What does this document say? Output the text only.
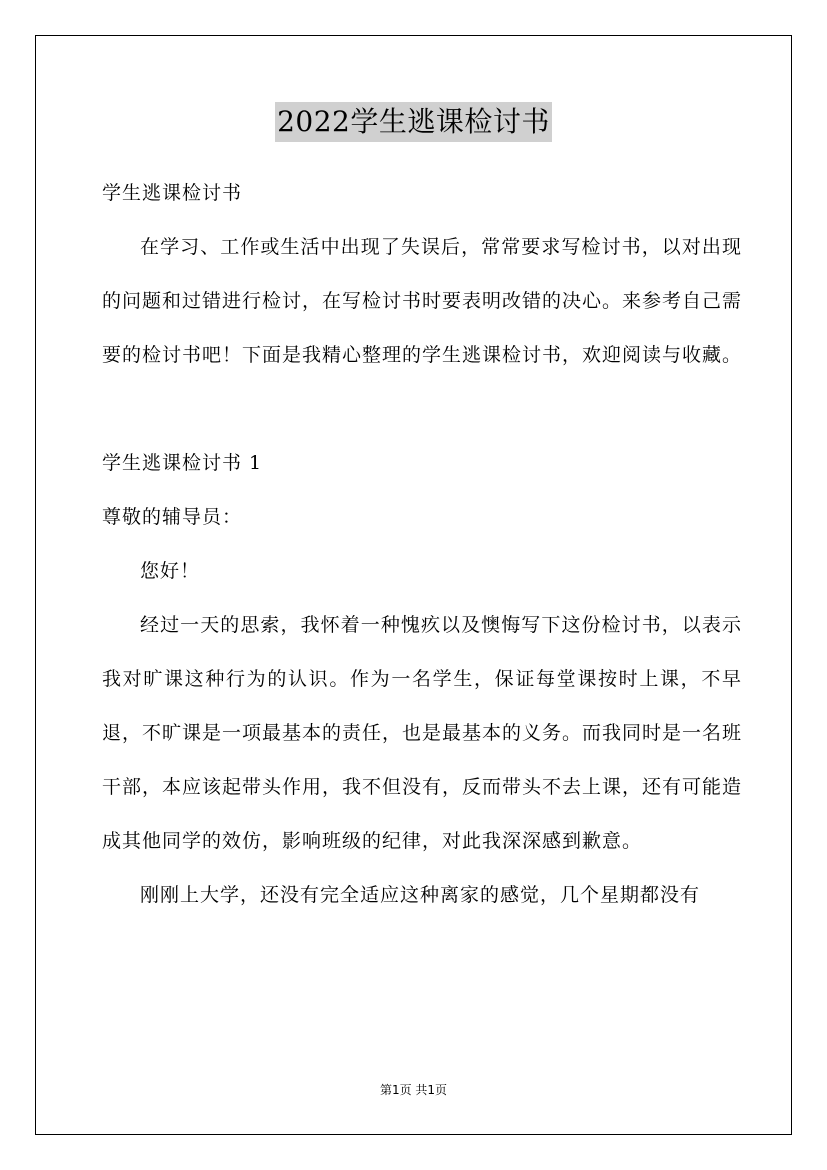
2022学生逃课检讨书

学生逃课检讨书

在学习、工作或生活中出现了失误后，常常要求写检讨书，以对出现的问题和过错进行检讨，在写检讨书时要表明改错的决心。来参考自己需要的检讨书吧！下面是我精心整理的学生逃课检讨书，欢迎阅读与收藏。

学生逃课检讨书 1

尊敬的辅导员：

您好！

经过一天的思索，我怀着一种愧疚以及懊悔写下这份检讨书，以表示我对旷课这种行为的认识。作为一名学生，保证每堂课按时上课，不早退，不旷课是一项最基本的责任，也是最基本的义务。而我同时是一名班干部，本应该起带头作用，我不但没有，反而带头不去上课，还有可能造成其他同学的效仿，影响班级的纪律，对此我深深感到歉意。

刚刚上大学，还没有完全适应这种离家的感觉，几个星期都没有

第1页 共1页
